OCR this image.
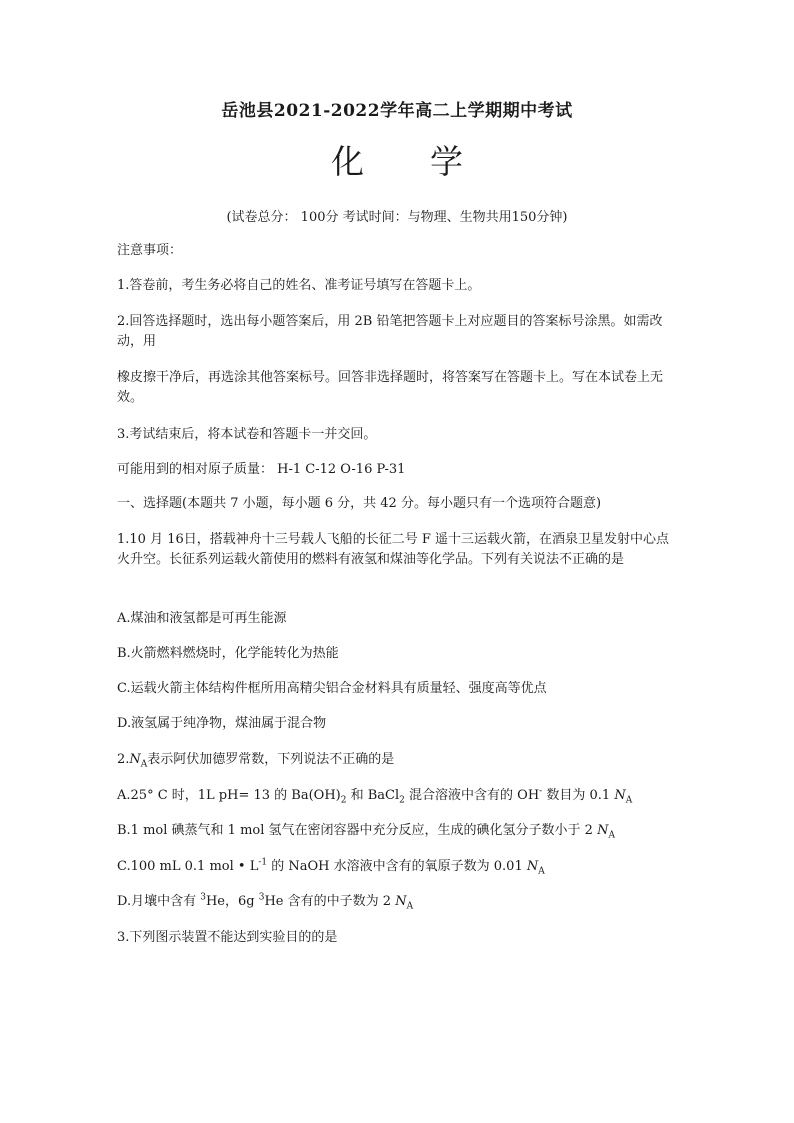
岳池县2021-2022学年高二上学期期中考试
化 学
(试卷总分： 100分 考试时间：与物理、生物共用150分钟)

注意事项：

1.答卷前，考生务必将自己的姓名、准考证号填写在答题卡上。

2.回答选择题时，选出每小题答案后，用 2B 铅笔把答题卡上对应题目的答案标号涂黑。如需改动，用

橡皮擦干净后，再选涂其他答案标号。回答非选择题时，将答案写在答题卡上。写在本试卷上无效。

3.考试结束后，将本试卷和答题卡一并交回。

可能用到的相对原子质量： H-1 C-12 O-16 P-31

一、选择题(本题共 7 小题，每小题 6 分，共 42 分。每小题只有一个选项符合题意)

1.10 月 16日，搭载神舟十三号载人飞船的长征二号 F 遥十三运载火箭，在酒泉卫星发射中心点火升空。长征系列运载火箭使用的燃料有液氢和煤油等化学品。下列有关说法不正确的是

A.煤油和液氢都是可再生能源

B.火箭燃料燃烧时，化学能转化为热能

C.运载火箭主体结构件框所用高精尖铝合金材料具有质量轻、强度高等优点

D.液氢属于纯净物，煤油属于混合物

$2.N_A$表示阿伏加德罗常数，下列说法不正确的是

A.25° C 时，1L pH= 13 的 $Ba(OH)_2$ 和 BaCl$_2$ 混合溶液中含有的 OH- 数目为 0.1 $N_A$

B.1 mol 碘蒸气和 1 mol 氢气在密闭容器中充分反应，生成的碘化氢分子数小于 2 $N_A$

C.100 mL 0.1 mol • $L^{-1}$ 的 NaOH 水溶液中含有的氧原子数为 0.01 $N_A$

D.月壤中含有 $^3$He，6g $^3$He 含有的中子数为 2 $N_A$

3.下列图示装置不能达到实验目的的是
